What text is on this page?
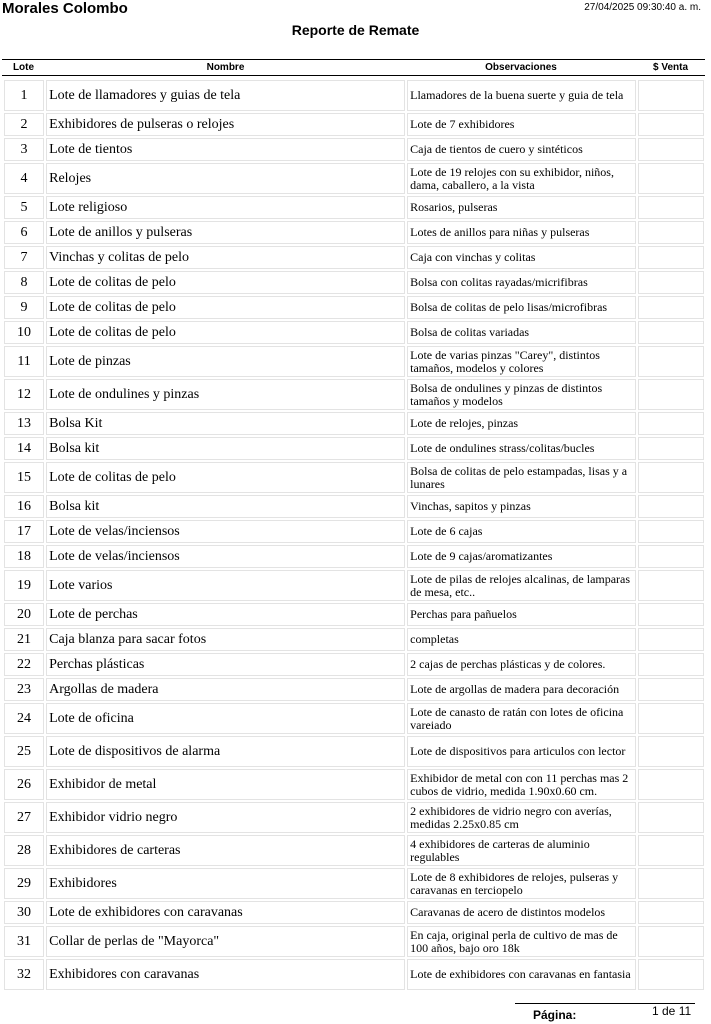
Morales Colombo	27/04/2025 09:30:40 a. m.
Reporte de Remate
Lote	Nombre	Observaciones	$ Venta
1	Lote de llamadores y guias de tela	Llamadores de la buena suerte y guia de tela	
2	Exhibidores de pulseras o relojes	Lote de 7 exhibidores	
3	Lote de tientos	Caja de tientos de cuero y sintéticos	
4	Relojes	Lote de 19 relojes con su exhibidor, niños, dama, caballero, a la vista	
5	Lote religioso	Rosarios, pulseras	
6	Lote de anillos y pulseras	Lotes de anillos para niñas y pulseras	
7	Vinchas y colitas de pelo	Caja con vinchas y colitas	
8	Lote de colitas de pelo	Bolsa con colitas rayadas/micrifibras	
9	Lote de colitas de pelo	Bolsa de colitas de pelo lisas/microfibras	
10	Lote de colitas de pelo	Bolsa de colitas variadas	
11	Lote de pinzas	Lote de varias pinzas "Carey", distintos tamaños, modelos y colores	
12	Lote de ondulines y pinzas	Bolsa de ondulines y pinzas de distintos tamaños y modelos	
13	Bolsa Kit	Lote de relojes, pinzas	
14	Bolsa kit	Lote de ondulines strass/colitas/bucles	
15	Lote de colitas de pelo	Bolsa de colitas de pelo estampadas, lisas y a lunares	
16	Bolsa kit	Vinchas, sapitos y pinzas	
17	Lote de velas/inciensos	Lote de 6 cajas	
18	Lote de velas/inciensos	Lote de 9 cajas/aromatizantes	
19	Lote varios	Lote de pilas de relojes alcalinas, de lamparas de mesa, etc..	
20	Lote de perchas	Perchas para pañuelos	
21	Caja blanza para sacar fotos	completas	
22	Perchas plásticas	2 cajas de perchas plásticas y de colores.	
23	Argollas de madera	Lote de argollas de madera para decoración	
24	Lote de oficina	Lote de canasto de ratán con lotes de oficina vareiado	
25	Lote de dispositivos de alarma	Lote de dispositivos para articulos con lector	
26	Exhibidor de metal	Exhibidor de metal con con 11 perchas mas 2 cubos de vidrio, medida 1.90x0.60 cm.	
27	Exhibidor vidrio negro	2 exhibidores de vidrio negro con averías, medidas 2.25x0.85 cm	
28	Exhibidores de carteras	4 exhibidores de carteras de aluminio regulables	
29	Exhibidores	Lote de 8 exhibidores de relojes, pulseras y caravanas en terciopelo	
30	Lote de exhibidores con caravanas	Caravanas de acero de distintos modelos	
31	Collar de perlas de "Mayorca"	En caja, original perla de cultivo de mas de 100 años, bajo oro 18k	
32	Exhibidores con caravanas	Lote de exhibidores con caravanas en fantasia	
Página:	1 de 11
